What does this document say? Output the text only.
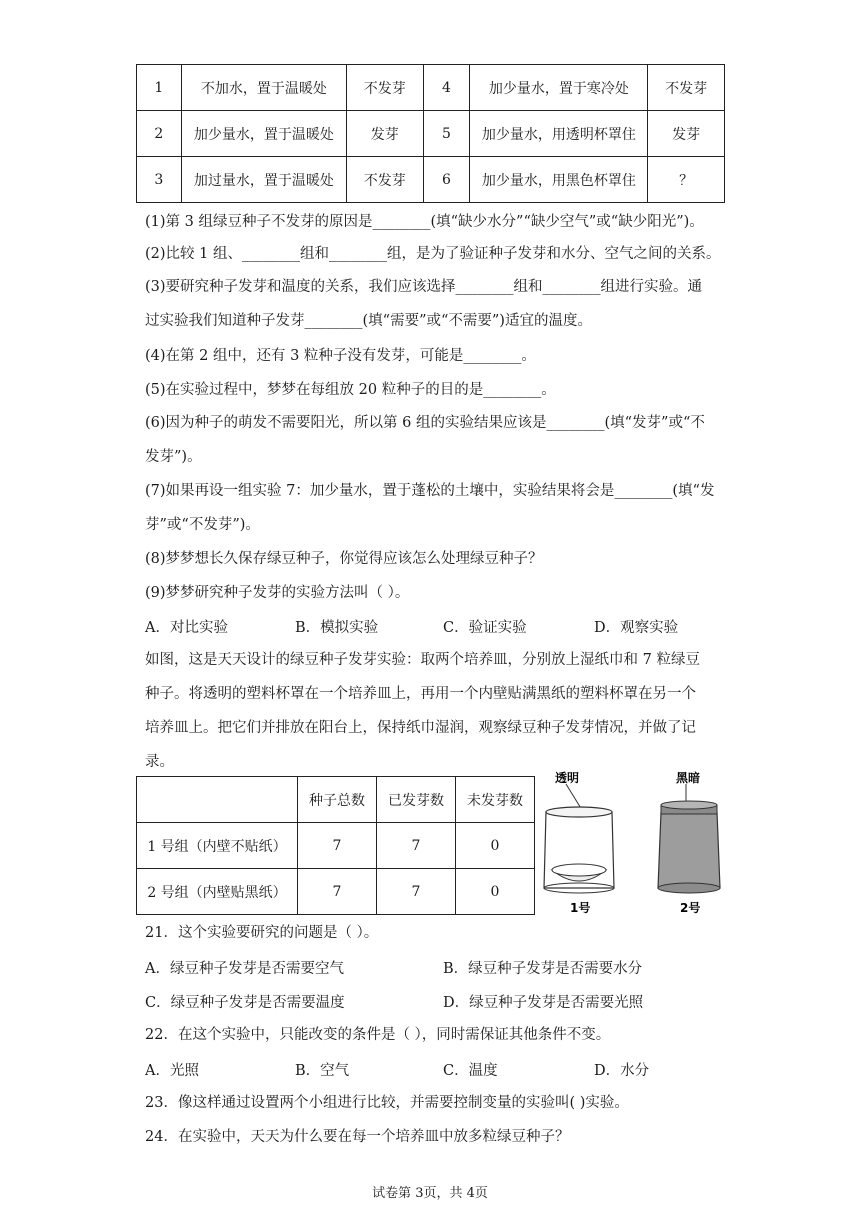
1	不加水，置于温暖处	不发芽	4	加少量水，置于寒冷处	不发芽
2	加少量水，置于温暖处	发芽	5	加少量水，用透明杯罩住	发芽
3	加过量水，置于温暖处	不发芽	6	加少量水，用黑色杯罩住	？
(1)第 3 组绿豆种子不发芽的原因是________(填“缺少水分”“缺少空气”或“缺少阳光”)。
(2)比较 1 组、________组和________组，是为了验证种子发芽和水分、空气之间的关系。
(3)要研究种子发芽和温度的关系，我们应该选择________组和________组进行实验。通
过实验我们知道种子发芽________(填“需要”或“不需要”)适宜的温度。
(4)在第 2 组中，还有 3 粒种子没有发芽，可能是________。
(5)在实验过程中，梦梦在每组放 20 粒种子的目的是________。
(6)因为种子的萌发不需要阳光，所以第 6 组的实验结果应该是________(填“发芽”或“不
发芽”)。
(7)如果再设一组实验 7：加少量水，置于蓬松的土壤中，实验结果将会是________(填“发
芽”或“不发芽”)。
(8)梦梦想长久保存绿豆种子，你觉得应该怎么处理绿豆种子？
(9)梦梦研究种子发芽的实验方法叫（ ）。
A．对比实验	B．模拟实验	C．验证实验	D．观察实验
如图，这是天天设计的绿豆种子发芽实验：取两个培养皿，分别放上湿纸巾和 7 粒绿豆
种子。将透明的塑料杯罩在一个培养皿上，再用一个内壁贴满黑纸的塑料杯罩在另一个
培养皿上。把它们并排放在阳台上，保持纸巾湿润，观察绿豆种子发芽情况，并做了记
录。
	种子总数	已发芽数	未发芽数
1 号组（内壁不贴纸）	7	7	0
2 号组（内壁贴黑纸）	7	7	0
透明	黑暗
1号	2号
21．这个实验要研究的问题是（ ）。
A．绿豆种子发芽是否需要空气	B．绿豆种子发芽是否需要水分
C．绿豆种子发芽是否需要温度	D．绿豆种子发芽是否需要光照
22．在这个实验中，只能改变的条件是（ ），同时需保证其他条件不变。
A．光照	B．空气	C．温度	D．水分
23．像这样通过设置两个小组进行比较，并需要控制变量的实验叫( )实验。
24．在实验中，天天为什么要在每一个培养皿中放多粒绿豆种子？
试卷第 3页，共 4页
